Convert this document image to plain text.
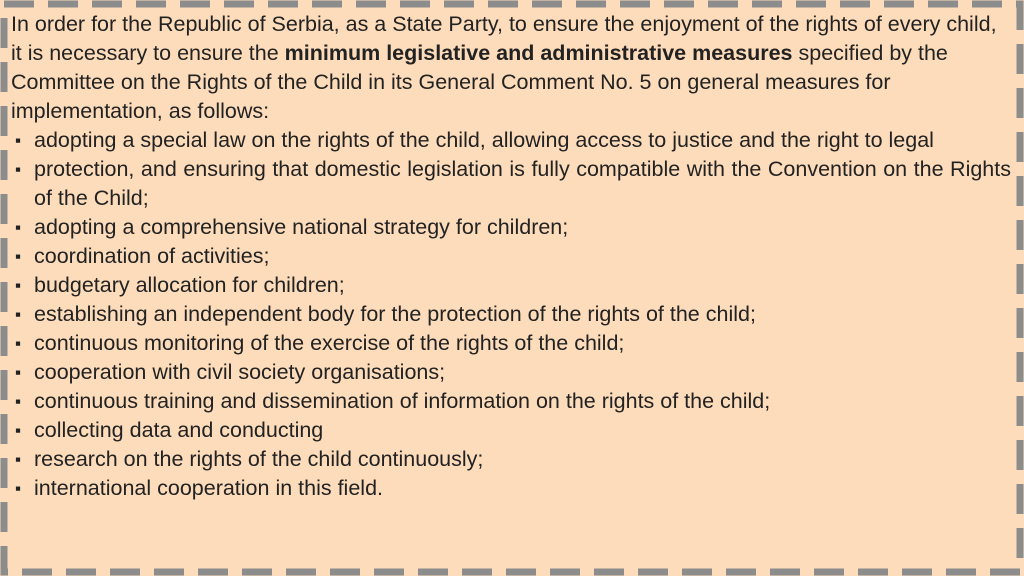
In order for the Republic of Serbia, as a State Party, to ensure the enjoyment of the rights of every child, it is necessary to ensure the minimum legislative and administrative measures specified by the Committee on the Rights of the Child in its General Comment No. 5 on general measures for implementation, as follows:

▪ adopting a special law on the rights of the child, allowing access to justice and the right to legal
▪ protection, and ensuring that domestic legislation is fully compatible with the Convention on the Rights of the Child;
▪ adopting a comprehensive national strategy for children;
▪ coordination of activities;
▪ budgetary allocation for children;
▪ establishing an independent body for the protection of the rights of the child;
▪ continuous monitoring of the exercise of the rights of the child;
▪ cooperation with civil society organisations;
▪ continuous training and dissemination of information on the rights of the child;
▪ collecting data and conducting
▪ research on the rights of the child continuously;
▪ international cooperation in this field.
